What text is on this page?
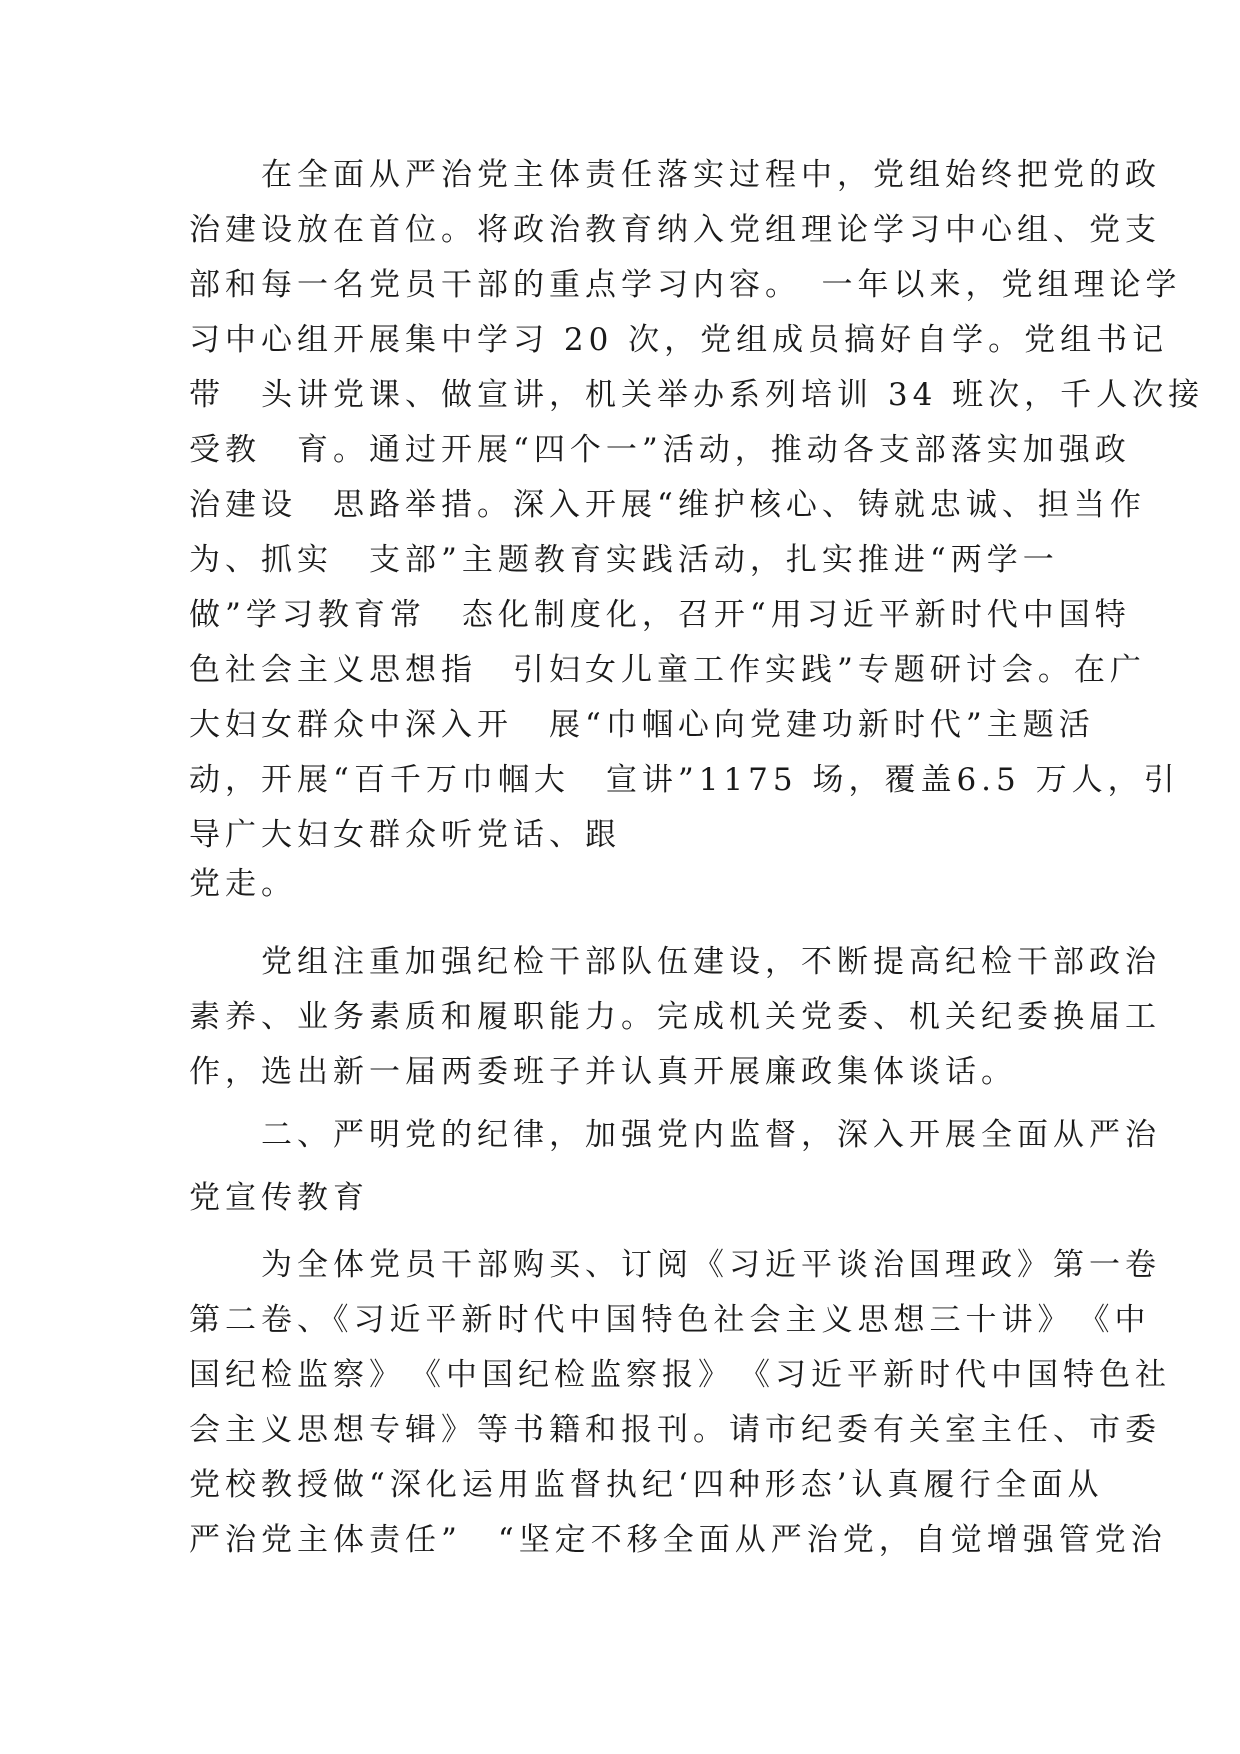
　　在全面从严治党主体责任落实过程中，党组始终把党的政
治建设放在首位。将政治教育纳入党组理论学习中心组、党支
部和每一名党员干部的重点学习内容。　一年以来，党组理论学
习中心组开展集中学习 20 次，党组成员搞好自学。党组书记
带　头讲党课、做宣讲，机关举办系列培训 34 班次，千人次接
受教　育。通过开展“四个一”活动，推动各支部落实加强政
治建设　思路举措。深入开展“维护核心、铸就忠诚、担当作
为、抓实　支部”主题教育实践活动，扎实推进“两学一
做”学习教育常　态化制度化，召开“用习近平新时代中国特
色社会主义思想指　引妇女儿童工作实践”专题研讨会。在广
大妇女群众中深入开　展“巾帼心向党建功新时代”主题活
动，开展“百千万巾帼大　宣讲”1175 场，覆盖6.5 万人，引
导广大妇女群众听党话、跟
党走。
　　党组注重加强纪检干部队伍建设，不断提高纪检干部政治
素养、业务素质和履职能力。完成机关党委、机关纪委换届工
作，选出新一届两委班子并认真开展廉政集体谈话。
　　二、严明党的纪律，加强党内监督，深入开展全面从严治
党宣传教育
　　为全体党员干部购买、订阅《习近平谈治国理政》第一卷
第二卷、《习近平新时代中国特色社会主义思想三十讲》　《中
国纪检监察》　《中国纪检监察报》　《习近平新时代中国特色社
会主义思想专辑》等书籍和报刊。请市纪委有关室主任、市委
党校教授做“深化运用监督执纪‘四种形态’认真履行全面从
严治党主体责任”　“坚定不移全面从严治党，自觉增强管党治
